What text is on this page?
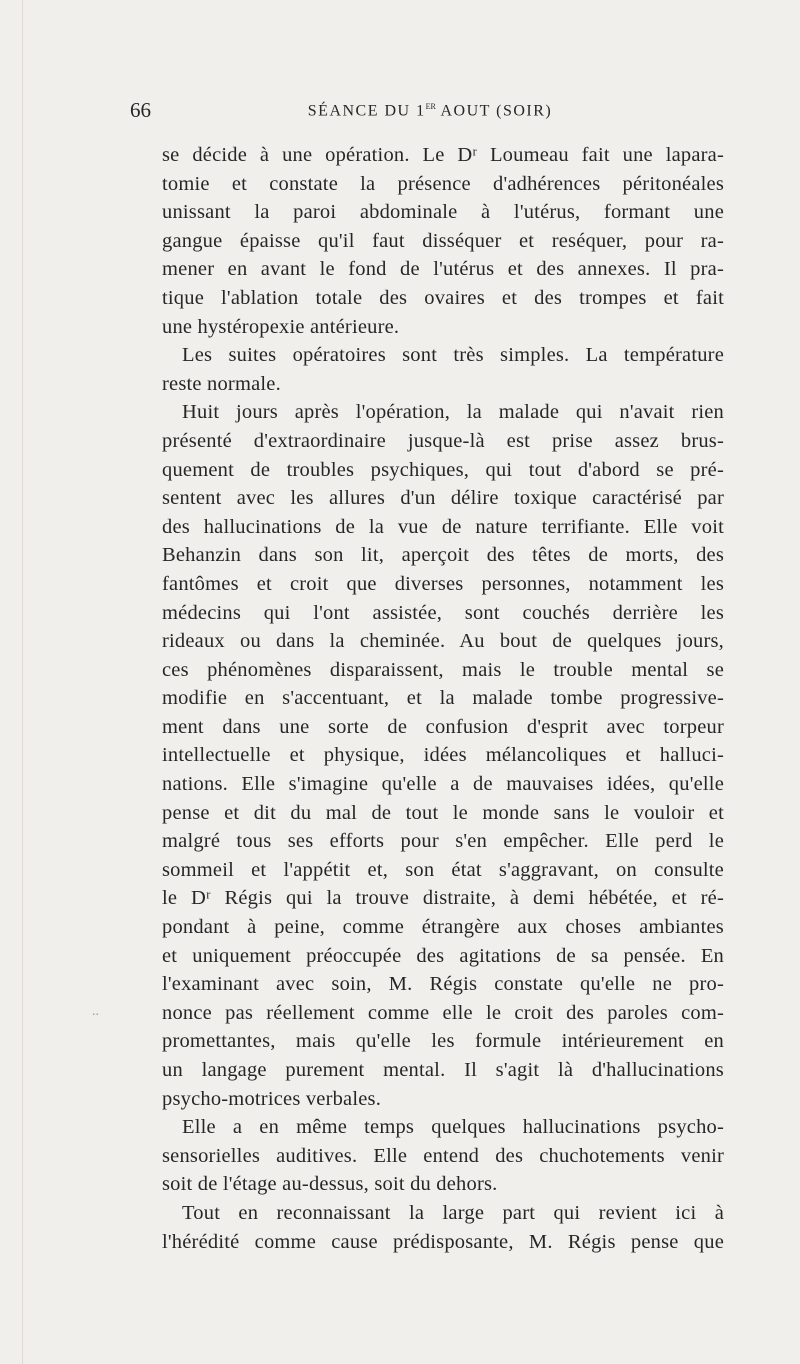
66	SÉANCE DU 1er AOUT (SOIR)
..
se décide à une opération. Le Dʳ Loumeau fait une lapara-
tomie et constate la présence d'adhérences péritonéales
unissant la paroi abdominale à l'utérus, formant une
gangue épaisse qu'il faut disséquer et reséquer, pour ra-
mener en avant le fond de l'utérus et des annexes. Il pra-
tique l'ablation totale des ovaires et des trompes et fait
une hystéropexie antérieure.
Les suites opératoires sont très simples. La température
reste normale.
Huit jours après l'opération, la malade qui n'avait rien
présenté d'extraordinaire jusque-là est prise assez brus-
quement de troubles psychiques, qui tout d'abord se pré-
sentent avec les allures d'un délire toxique caractérisé par
des hallucinations de la vue de nature terrifiante. Elle voit
Behanzin dans son lit, aperçoit des têtes de morts, des
fantômes et croit que diverses personnes, notamment les
médecins qui l'ont assistée, sont couchés derrière les
rideaux ou dans la cheminée. Au bout de quelques jours,
ces phénomènes disparaissent, mais le trouble mental se
modifie en s'accentuant, et la malade tombe progressive-
ment dans une sorte de confusion d'esprit avec torpeur
intellectuelle et physique, idées mélancoliques et halluci-
nations. Elle s'imagine qu'elle a de mauvaises idées, qu'elle
pense et dit du mal de tout le monde sans le vouloir et
malgré tous ses efforts pour s'en empêcher. Elle perd le
sommeil et l'appétit et, son état s'aggravant, on consulte
le Dʳ Régis qui la trouve distraite, à demi hébétée, et ré-
pondant à peine, comme étrangère aux choses ambiantes
et uniquement préoccupée des agitations de sa pensée. En
l'examinant avec soin, M. Régis constate qu'elle ne pro-
nonce pas réellement comme elle le croit des paroles com-
promettantes, mais qu'elle les formule intérieurement en
un langage purement mental. Il s'agit là d'hallucinations
psycho-motrices verbales.
Elle a en même temps quelques hallucinations psycho-
sensorielles auditives. Elle entend des chuchotements venir
soit de l'étage au-dessus, soit du dehors.
Tout en reconnaissant la large part qui revient ici à
l'hérédité comme cause prédisposante, M. Régis pense que
